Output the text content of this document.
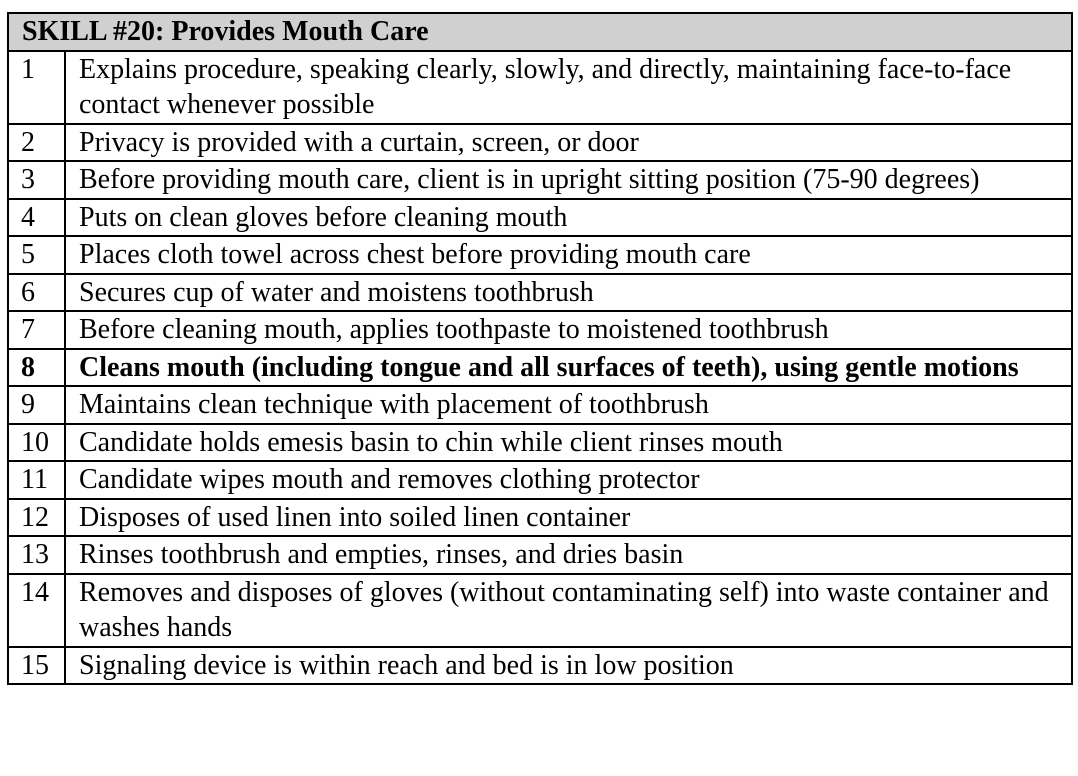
SKILL #20: Provides Mouth Care	
1	Explains procedure, speaking clearly, slowly, and directly, maintaining face-to-face contact whenever possible
2	Privacy is provided with a curtain, screen, or door
3	Before providing mouth care, client is in upright sitting position (75-90 degrees)
4	Puts on clean gloves before cleaning mouth
5	Places cloth towel across chest before providing mouth care
6	Secures cup of water and moistens toothbrush
7	Before cleaning mouth, applies toothpaste to moistened toothbrush
8	Cleans mouth (including tongue and all surfaces of teeth), using gentle motions
9	Maintains clean technique with placement of toothbrush
10	Candidate holds emesis basin to chin while client rinses mouth
11	Candidate wipes mouth and removes clothing protector
12	Disposes of used linen into soiled linen container
13	Rinses toothbrush and empties, rinses, and dries basin
14	Removes and disposes of gloves (without contaminating self) into waste container and washes hands
15	Signaling device is within reach and bed is in low position
